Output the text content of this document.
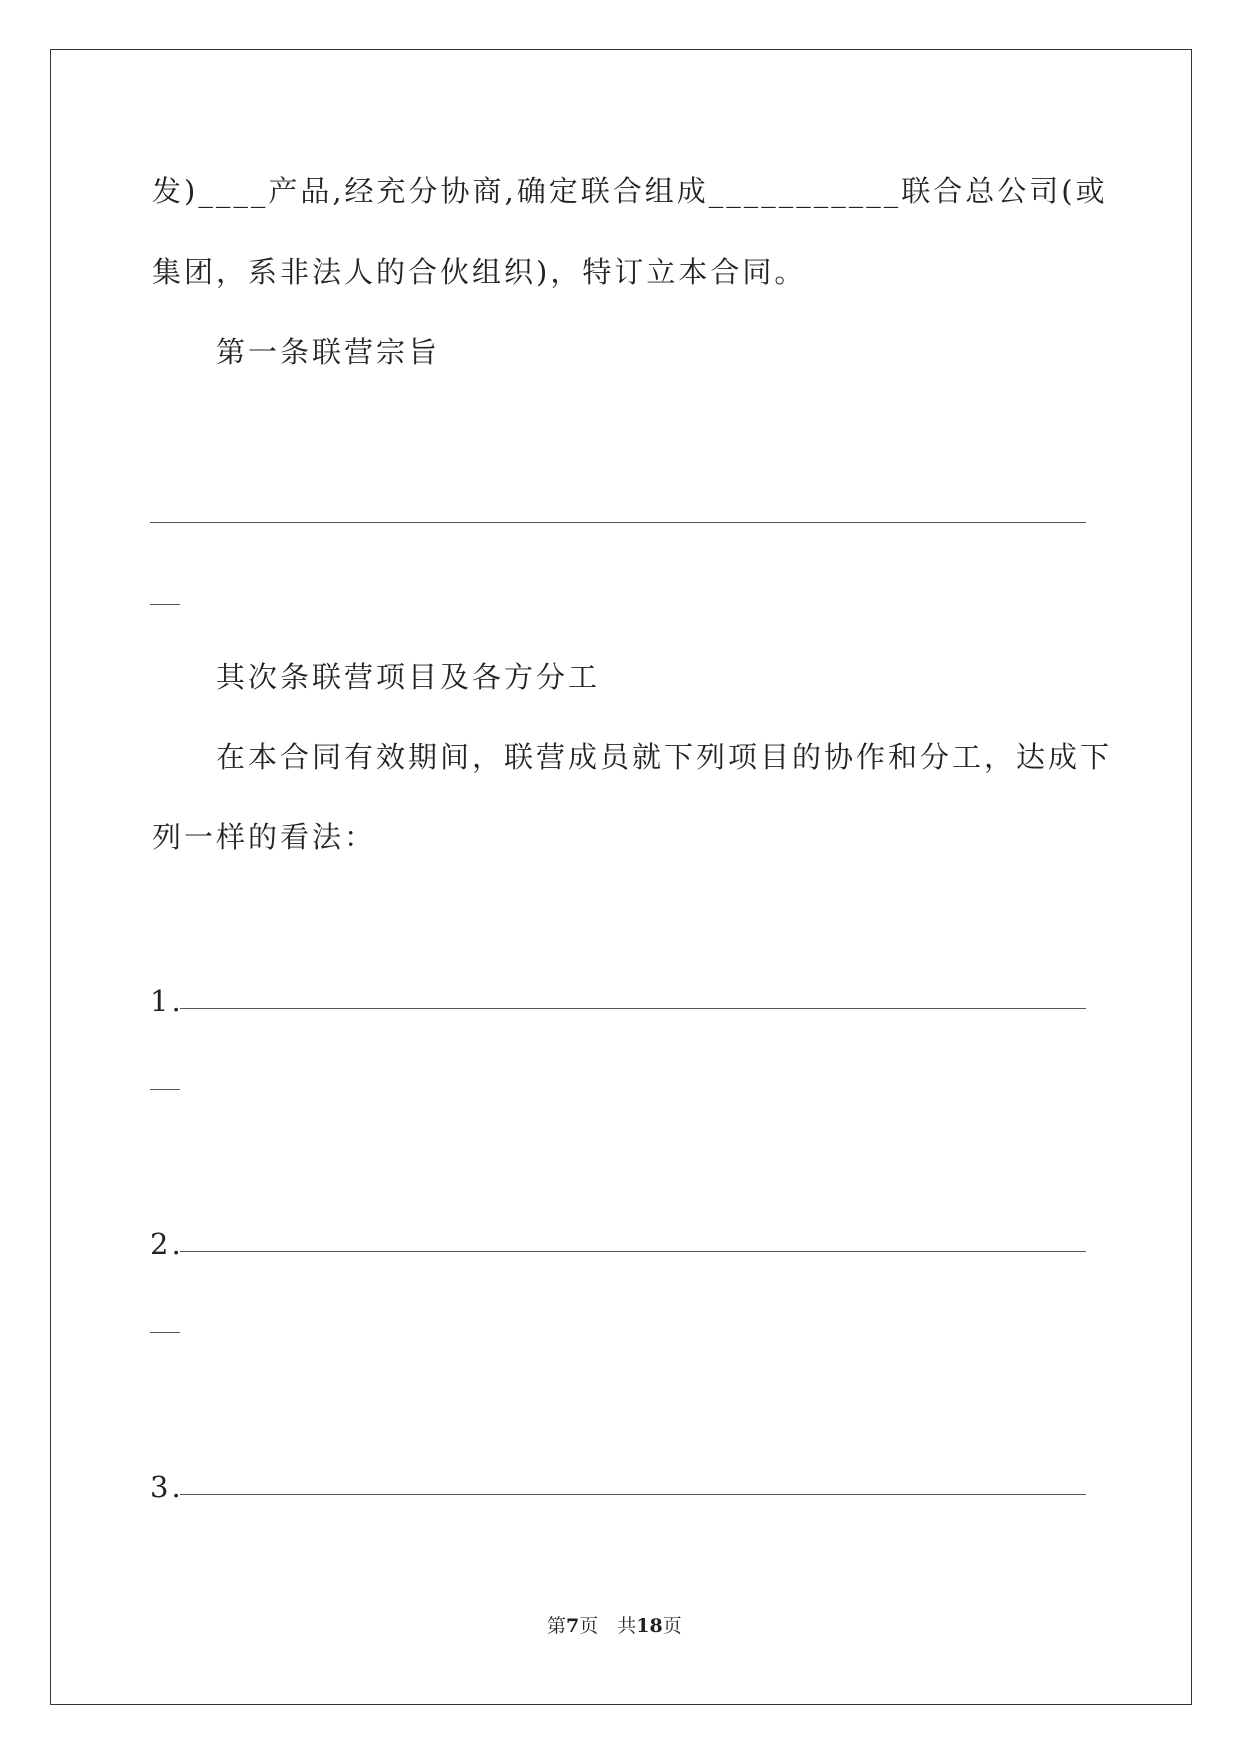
发)____产品,经充分协商,确定联合组成___________联合总公司(或
集团，系非法人的合伙组织)，特订立本合同。
第一条联营宗旨
其次条联营项目及各方分工
在本合同有效期间，联营成员就下列项目的协作和分工，达成下
列一样的看法：
1.
2.
3.
第7页　共18页
